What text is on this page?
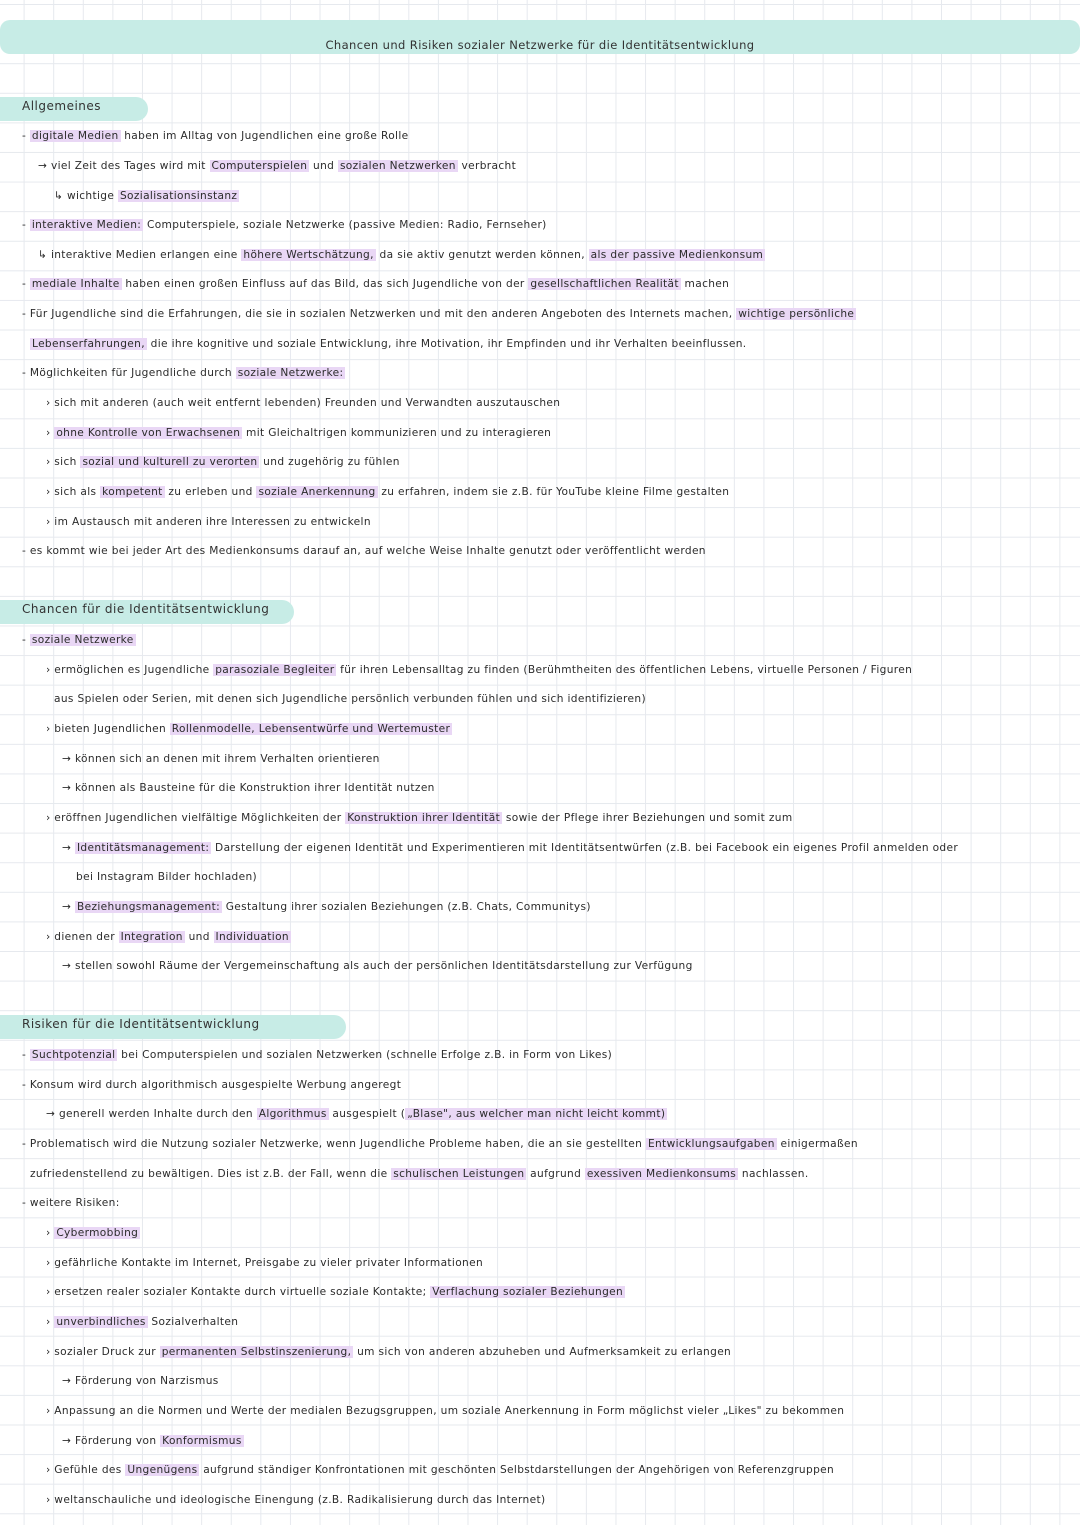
Chancen und Risiken sozialer Netzwerke für die Identitätsentwicklung
Allgemeines
- digitale Medien haben im Alltag von Jugendlichen eine große Rolle
→ viel Zeit des Tages wird mit Computerspielen und sozialen Netzwerken verbracht
↳ wichtige Sozialisationsinstanz
- interaktive Medien: Computerspiele, soziale Netzwerke (passive Medien: Radio, Fernseher)
↳ interaktive Medien erlangen eine höhere Wertschätzung, da sie aktiv genutzt werden können, als der passive Medienkonsum
- mediale Inhalte haben einen großen Einfluss auf das Bild, das sich Jugendliche von der gesellschaftlichen Realität machen
- Für Jugendliche sind die Erfahrungen, die sie in sozialen Netzwerken und mit den anderen Angeboten des Internets machen, wichtige persönliche
Lebenserfahrungen, die ihre kognitive und soziale Entwicklung, ihre Motivation, ihr Empfinden und ihr Verhalten beeinflussen.
- Möglichkeiten für Jugendliche durch soziale Netzwerke:
› sich mit anderen (auch weit entfernt lebenden) Freunden und Verwandten auszutauschen
› ohne Kontrolle von Erwachsenen mit Gleichaltrigen kommunizieren und zu interagieren
› sich sozial und kulturell zu verorten und zugehörig zu fühlen
› sich als kompetent zu erleben und soziale Anerkennung zu erfahren, indem sie z.B. für YouTube kleine Filme gestalten
› im Austausch mit anderen ihre Interessen zu entwickeln
- es kommt wie bei jeder Art des Medienkonsums darauf an, auf welche Weise Inhalte genutzt oder veröffentlicht werden
Chancen für die Identitätsentwicklung
- soziale Netzwerke
› ermöglichen es Jugendliche parasoziale Begleiter für ihren Lebensalltag zu finden (Berühmtheiten des öffentlichen Lebens, virtuelle Personen / Figuren
aus Spielen oder Serien, mit denen sich Jugendliche persönlich verbunden fühlen und sich identifizieren)
› bieten Jugendlichen Rollenmodelle, Lebensentwürfe und Wertemuster
→ können sich an denen mit ihrem Verhalten orientieren
→ können als Bausteine für die Konstruktion ihrer Identität nutzen
› eröffnen Jugendlichen vielfältige Möglichkeiten der Konstruktion ihrer Identität sowie der Pflege ihrer Beziehungen und somit zum
→ Identitätsmanagement: Darstellung der eigenen Identität und Experimentieren mit Identitätsentwürfen (z.B. bei Facebook ein eigenes Profil anmelden oder
bei Instagram Bilder hochladen)
→ Beziehungsmanagement: Gestaltung ihrer sozialen Beziehungen (z.B. Chats, Communitys)
› dienen der Integration und Individuation
→ stellen sowohl Räume der Vergemeinschaftung als auch der persönlichen Identitätsdarstellung zur Verfügung
Risiken für die Identitätsentwicklung
- Suchtpotenzial bei Computerspielen und sozialen Netzwerken (schnelle Erfolge z.B. in Form von Likes)
- Konsum wird durch algorithmisch ausgespielte Werbung angeregt
→ generell werden Inhalte durch den Algorithmus ausgespielt ( „Blase", aus welcher man nicht leicht kommt)
- Problematisch wird die Nutzung sozialer Netzwerke, wenn Jugendliche Probleme haben, die an sie gestellten Entwicklungsaufgaben einigermaßen
zufriedenstellend zu bewältigen. Dies ist z.B. der Fall, wenn die schulischen Leistungen aufgrund exessiven Medienkonsums nachlassen.
- weitere Risiken:
› Cybermobbing
› gefährliche Kontakte im Internet, Preisgabe zu vieler privater Informationen
› ersetzen realer sozialer Kontakte durch virtuelle soziale Kontakte; Verflachung sozialer Beziehungen
› unverbindliches Sozialverhalten
› sozialer Druck zur permanenten Selbstinszenierung, um sich von anderen abzuheben und Aufmerksamkeit zu erlangen
→ Förderung von Narzismus
› Anpassung an die Normen und Werte der medialen Bezugsgruppen, um soziale Anerkennung in Form möglichst vieler „Likes" zu bekommen
→ Förderung von Konformismus
› Gefühle des Ungenügens aufgrund ständiger Konfrontationen mit geschönten Selbstdarstellungen der Angehörigen von Referenzgruppen
› weltanschauliche und ideologische Einengung (z.B. Radikalisierung durch das Internet)
